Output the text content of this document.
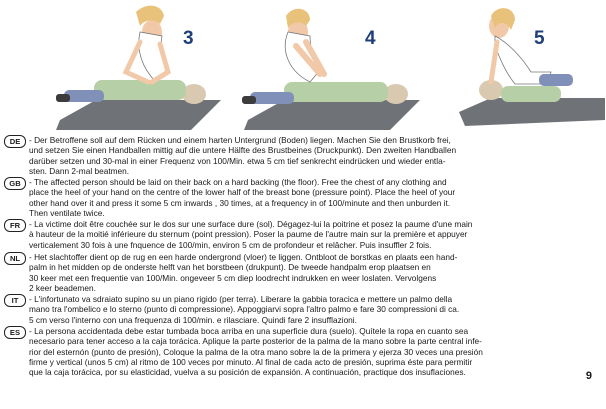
3	4	5
DE	- Der Betroffene soll auf dem Rücken und einem harten Untergrund (Boden) liegen. Machen Sie den Brustkorb frei,
und setzen Sie einen Handballen mittig auf die untere Hälfte des Brustbeines (Druckpunkt). Den zweiten Handballen
darüber setzen und 30-mal in einer Frequenz von 100/Min. etwa 5 cm tief senkrecht eindrücken und wieder entla-
sten. Dann 2-mal beatmen.
GB	- The affected person should be laid on their back on a hard backing (the floor). Free the chest of any clothing and
place the heel of your hand on the centre of the lower half of the breast bone (pressure point). Place the heel of your
other hand over it and press it some 5 cm inwards , 30 times, at a frequency in of 100/minute and then unburden it.
Then ventilate twice.
FR	- La victime doit être couchée sur le dos sur une surface dure (sol). Dégagez-lui la poitrine et posez la paume d'une main
à hauteur de la moitié inférieure du sternum (point pression). Poser la paume de l'autre main sur la première et appuyer
verticalement 30 fois à une fnquence de 100/min, environ 5 cm de profondeur et relâcher. Puis insuffler 2 fois.
NL	- Het slachtoffer dient op de rug en een harde ondergrond (vloer) te liggen. Ontbloot de borstkas en plaats een hand-
palm in het midden op de onderste helft van het borstbeen (drukpunt). De tweede handpalm erop plaatsen en
30 keer met een frequentie van 100/Min. ongeveer 5 cm diep loodrecht indrukken en weer loslaten. Vervolgens
2 keer beademen.
IT	- L'infortunato va sdraiato supino su un piano rigido (per terra). Liberare la gabbia toracica e mettere un palmo della
mano tra l'ombelico e lo sterno (punto di compressione). Appoggiarvi sopra l'altro palmo e fare 30 compressioni di ca.
5 cm verso l'interno con una frequenza di 100/min. e rilasciare. Quindi fare 2 insufflazioni.
ES	- La persona accidentada debe estar tumbada boca arriba en una superficie dura (suelo). Quítele la ropa en cuanto sea
necesario para tener acceso a la caja torácica. Aplique la parte posterior de la palma de la mano sobre la parte central infe-
rior del esternón (punto de presión), Coloque la palma de la otra mano sobre la de la primera y ejerza 30 veces una presión
firme y vertical (unos 5 cm) al ritmo de 100 veces por minuto. Al final de cada acto de presión, suprima éste para permitir
que la caja torácica, por su elasticidad, vuelva a su posición de expansión. A continuación, practique dos insuflaciones.	9
